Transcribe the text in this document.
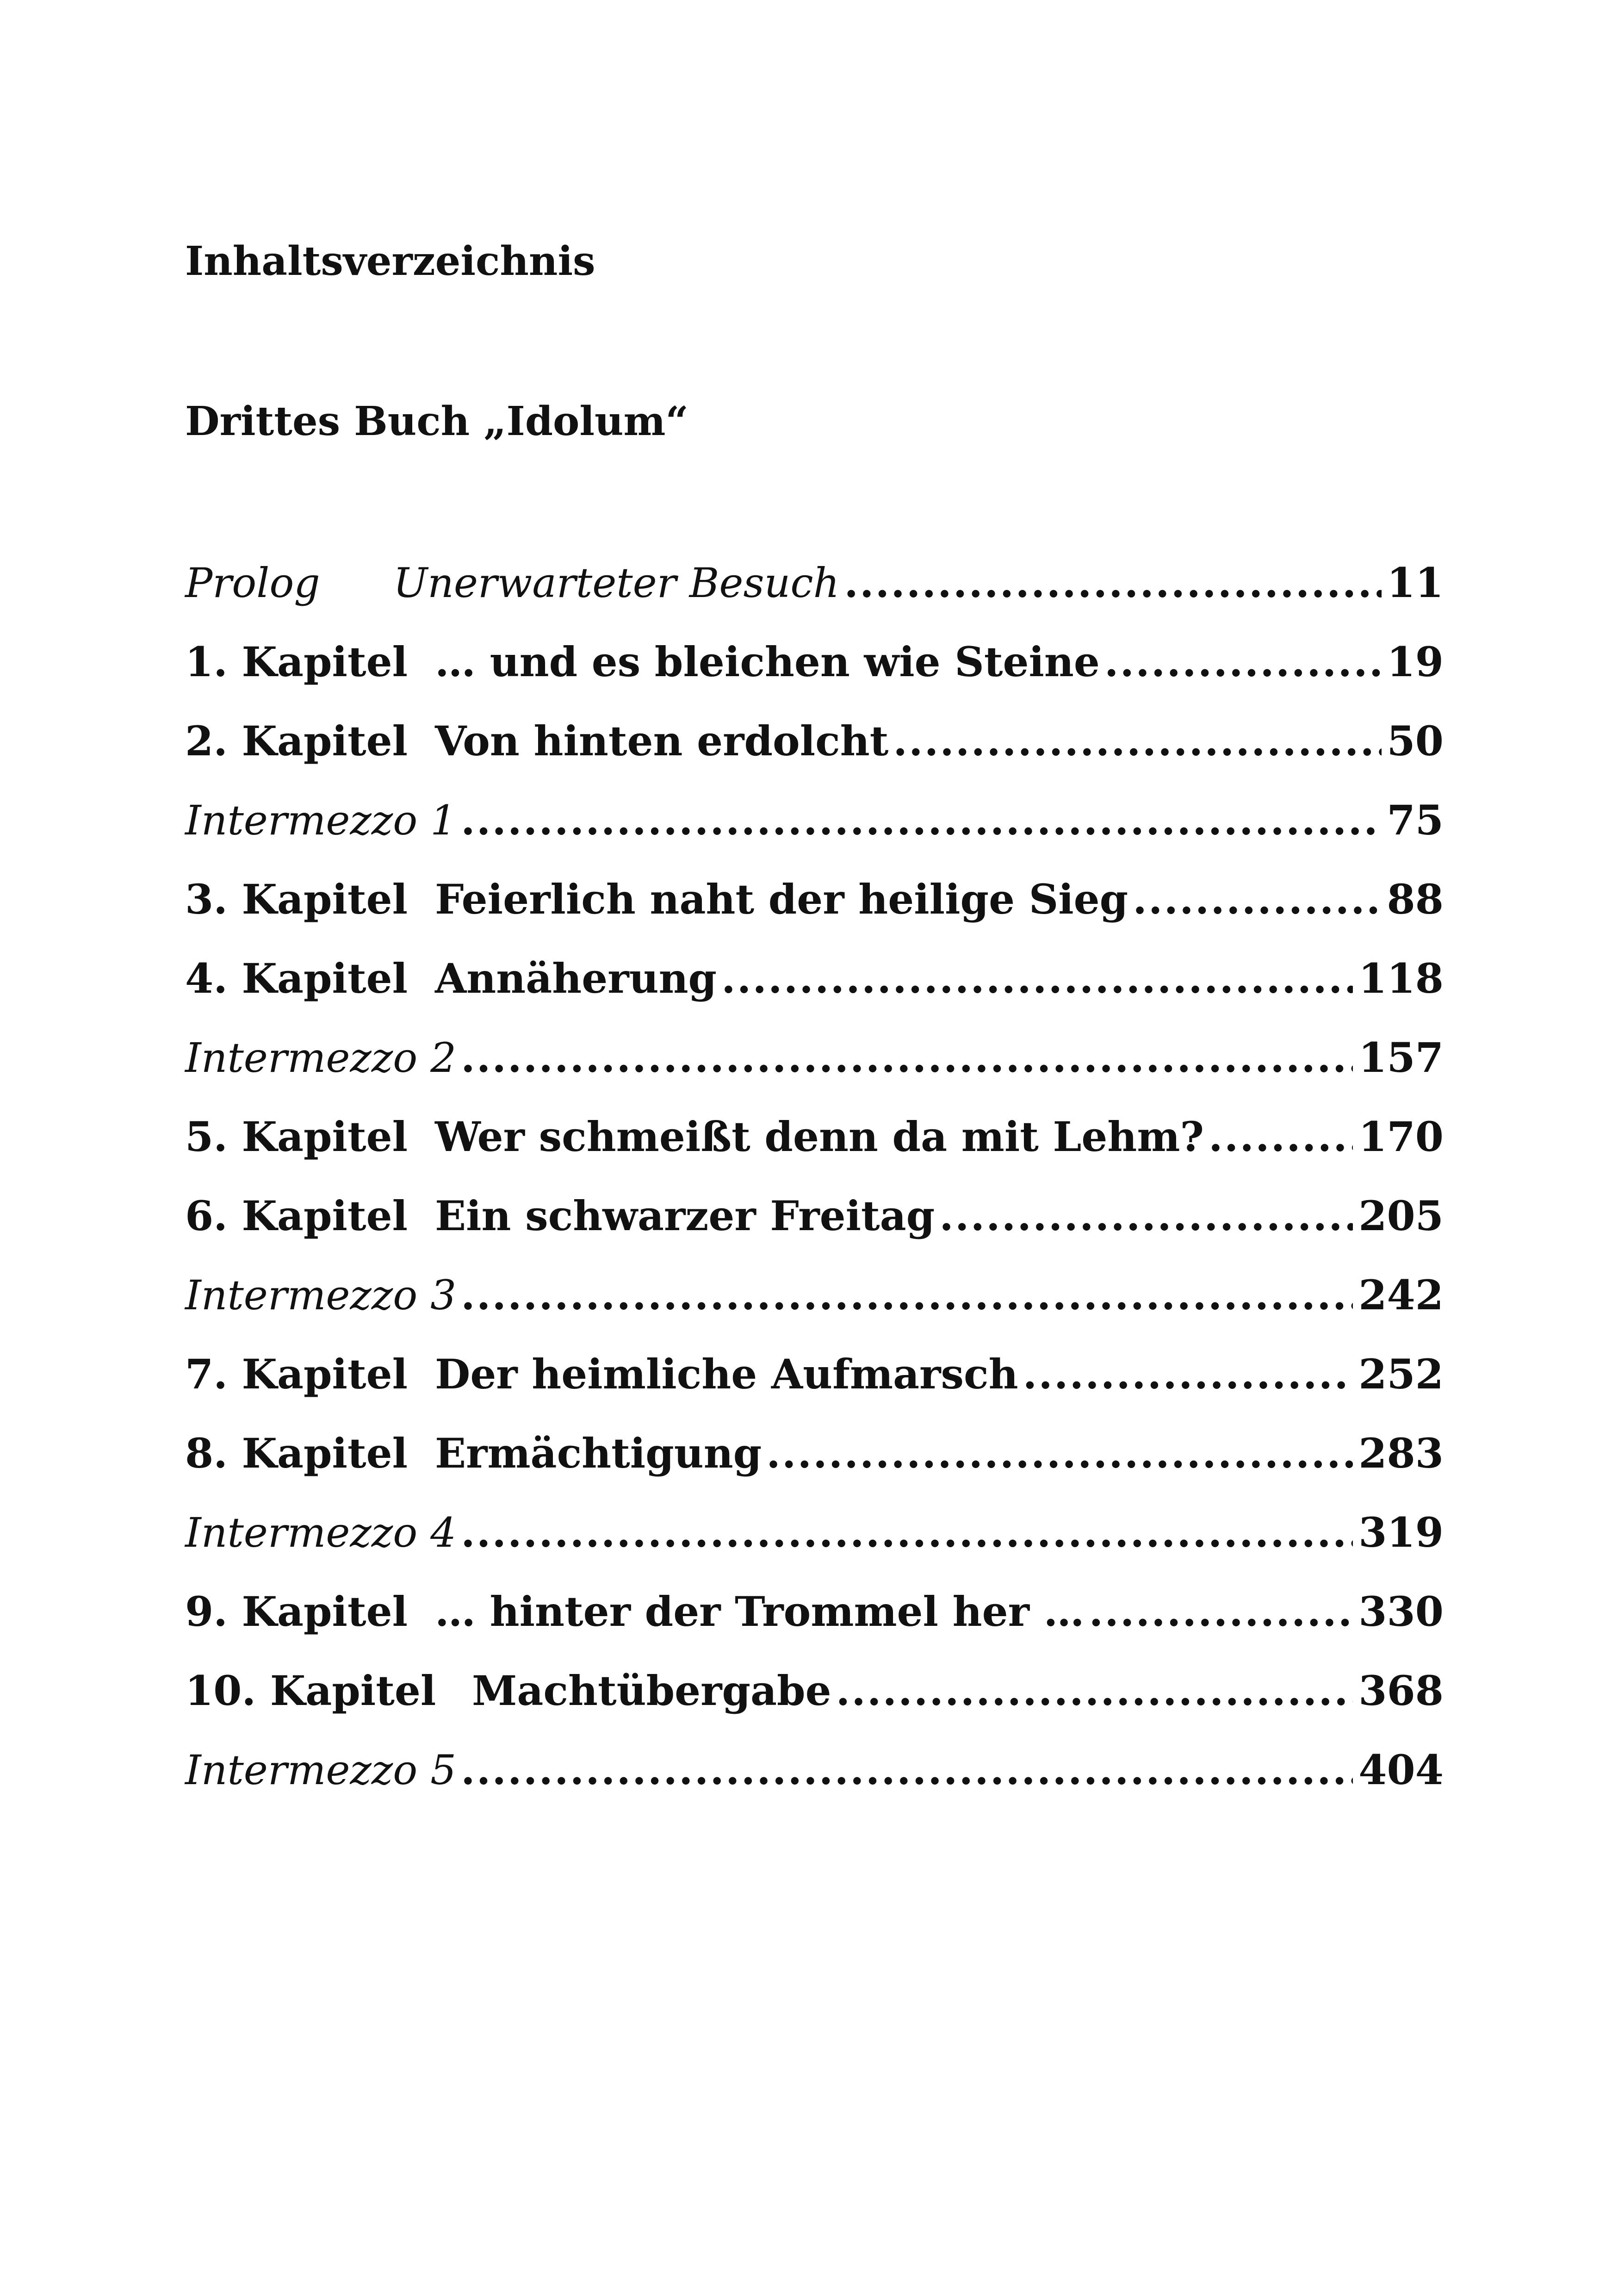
Inhaltsverzeichnis
Drittes Buch „Idolum“
Prolog	Unerwarteter Besuch .....	11
1. Kapitel … und es bleichen wie Steine .....	19
2. Kapitel Von hinten erdolcht .....	50
Intermezzo 1 .....	75
3. Kapitel Feierlich naht der heilige Sieg .....	88
4. Kapitel Annäherung .....	118
Intermezzo 2 .....	157
5. Kapitel Wer schmeißt denn da mit Lehm? .....	170
6. Kapitel Ein schwarzer Freitag .....	205
Intermezzo 3 .....	242
7. Kapitel Der heimliche Aufmarsch .....	252
8. Kapitel Ermächtigung .....	283
Intermezzo 4 .....	319
9. Kapitel … hinter der Trommel her … .....	330
10. Kapitel Machtübergabe .....	368
Intermezzo 5 .....	404
